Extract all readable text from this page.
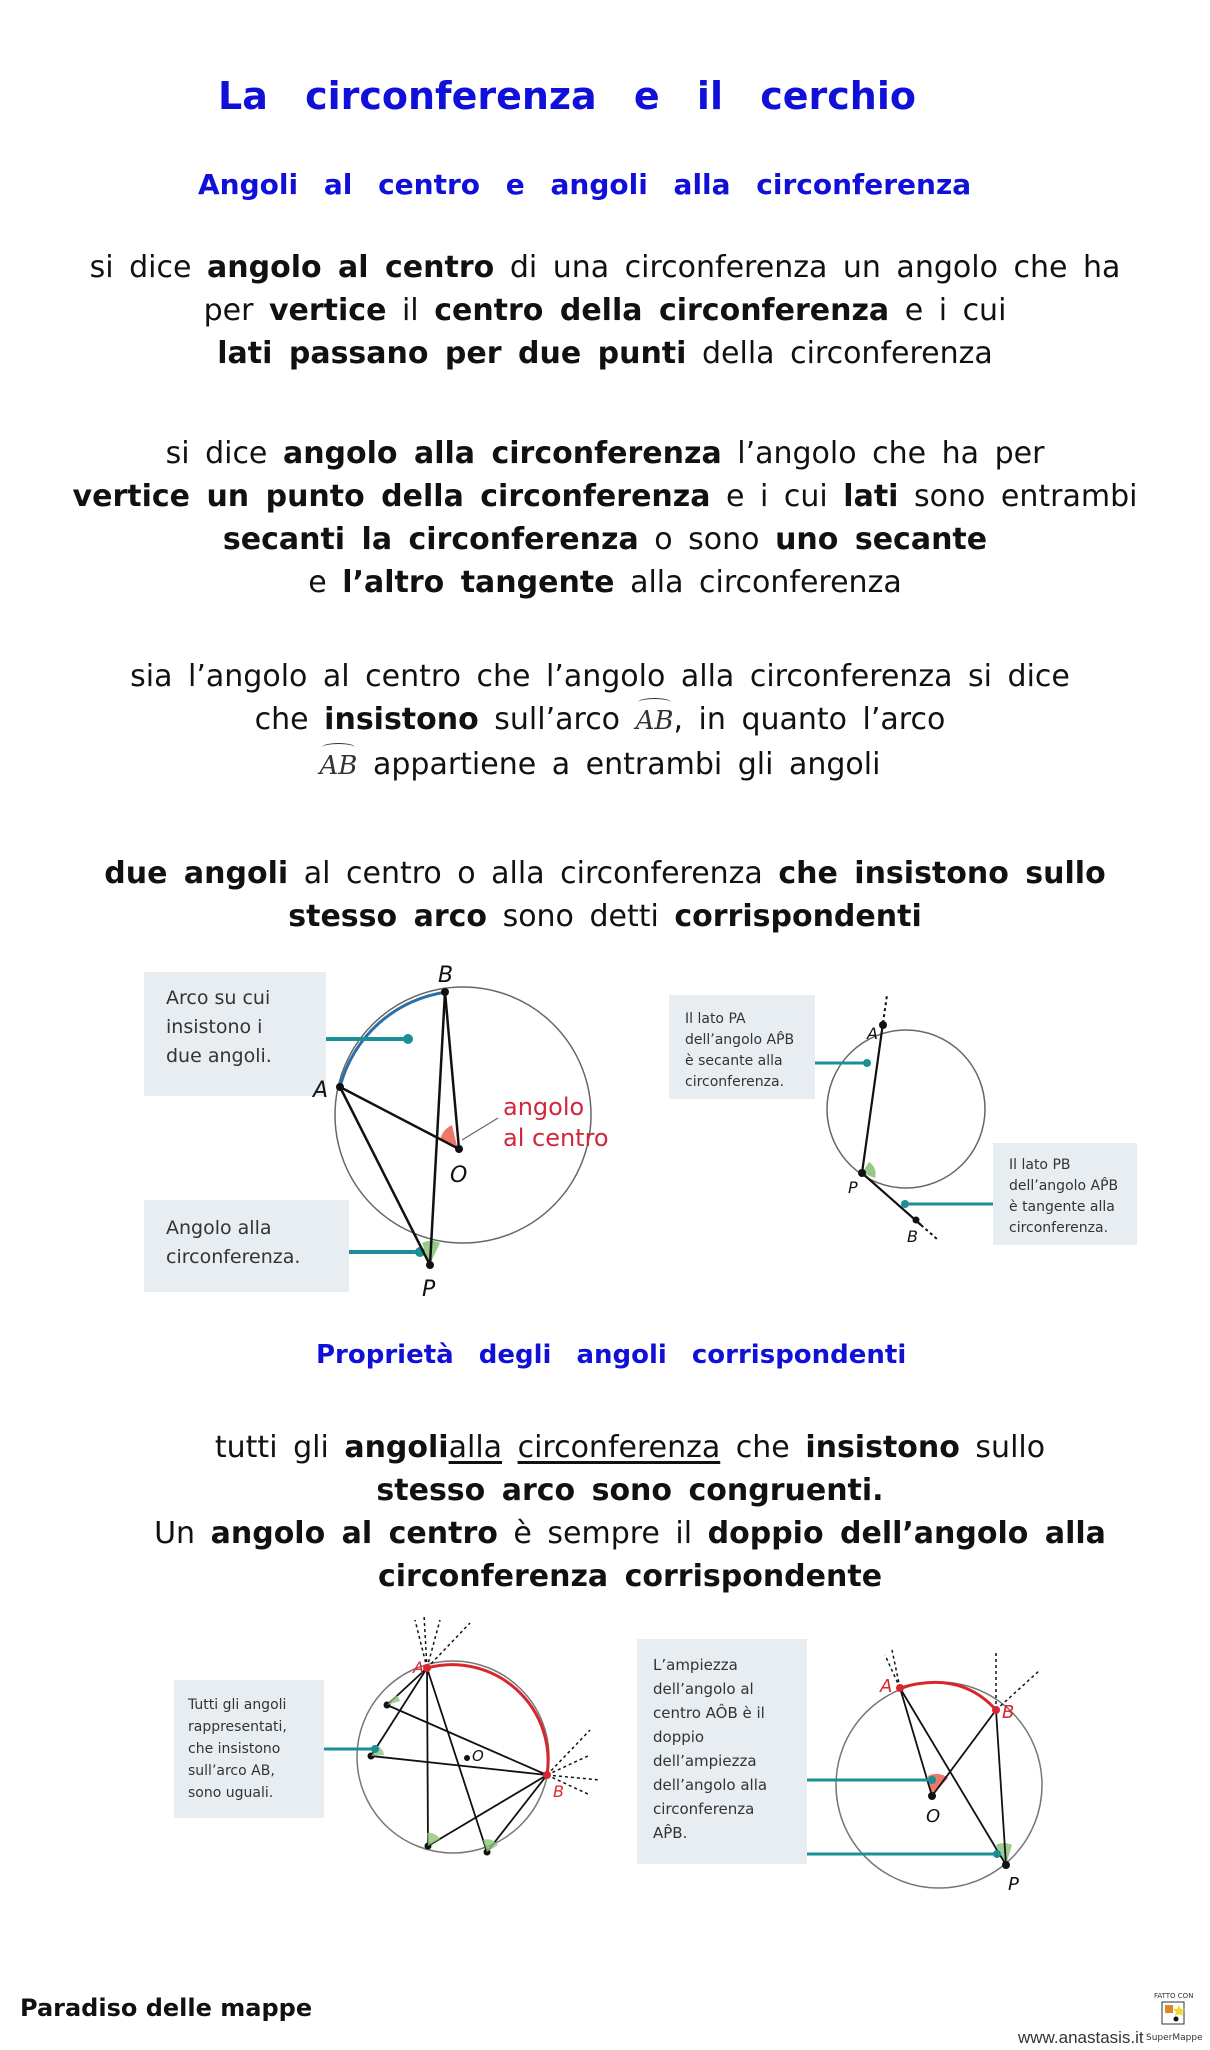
La circonferenza e il cerchio
Angoli al centro e angoli alla circonferenza
si dice angolo al centro di una circonferenza un angolo che ha per vertice il centro della circonferenza e i cui
lati passano per due punti della circonferenza
si dice angolo alla circonferenza l’angolo che ha per
vertice un punto della circonferenza e i cui lati sono entrambi secanti la circonferenza o sono uno secante
e l’altro tangente alla circonferenza
sia l’angolo al centro che l’angolo alla circonferenza si dice che insistono sull’arco AB, in quanto l’arco
AB appartiene a entrambi gli angoli
due angoli al centro o alla circonferenza che insistono sullo stesso arco sono detti corrispondenti
Arco su cui
insistono i
due angoli.
Angolo alla
circonferenza.
A
B
O
P
angolo
al centro
Il lato PA
dell’angolo AP̂B
è secante alla
circonferenza.
Il lato PB
dell’angolo AP̂B
è tangente alla
circonferenza.
A
P
B
Proprietà degli angoli corrispondenti
tutti gli angolialla circonferenza che insistono sullo
stesso arco sono congruenti.
Un angolo al centro è sempre il doppio dell’angolo alla circonferenza corrispondente
Tutti gli angoli
rappresentati,
che insistono
sull’arco AB,
sono uguali.
A
B
O
L’ampiezza
dell’angolo al
centro AÔB è il
doppio
dell’ampiezza
dell’angolo alla
circonferenza
AP̂B.
A
B
O
P
Paradiso delle mappe
www.anastasis.it
FATTO CON
SuperMappe
